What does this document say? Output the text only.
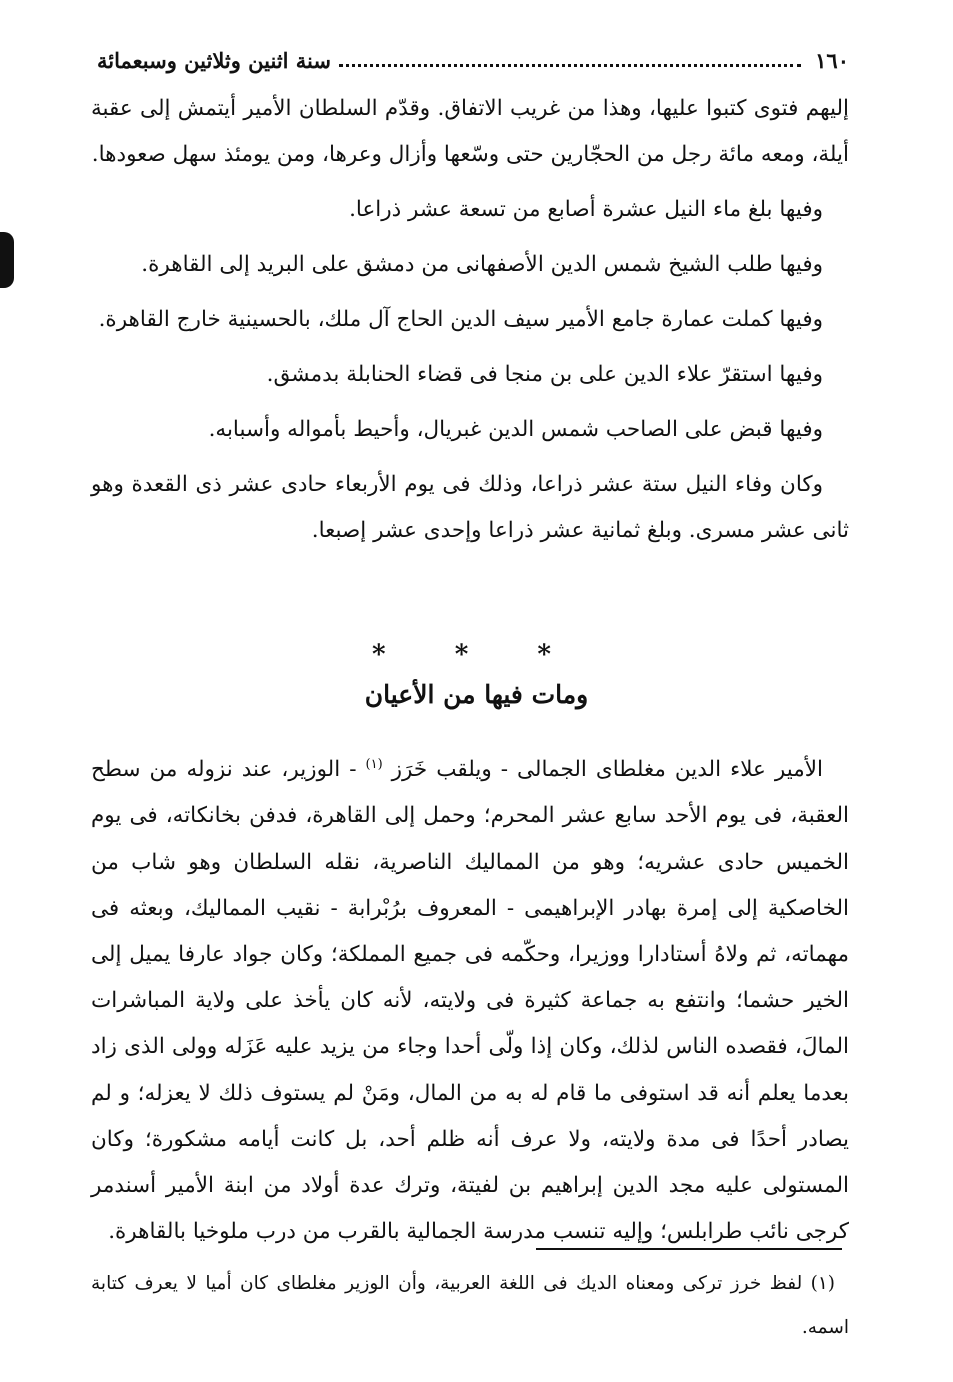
١٦٠
سنة اثنين وثلاثين وسبعمائة

إليهم فتوى كتبوا عليها، وهذا من غريب الاتفاق. وقدّم السلطان الأمير أيتمش إلى عقبة أيلة، ومعه مائة رجل من الحجّارين حتى وسّعها وأزال وعرها، ومن يومئذ سهل صعودها.

وفيها بلغ ماء النيل عشرة أصابع من تسعة عشر ذراعا.

وفيها طلب الشيخ شمس الدين الأصفهانى من دمشق على البريد إلى القاهرة.

وفيها كملت عمارة جامع الأمير سيف الدين الحاج آل ملك، بالحسينية خارج القاهرة.

وفيها استقرّ علاء الدين على بن منجا فى قضاء الحنابلة بدمشق.

وفيها قبض على الصاحب شمس الدين غبريال، وأحيط بأمواله وأسبابه.

وكان وفاء النيل ستة عشر ذراعا، وذلك فى يوم الأربعاء حادى عشر ذى القعدة وهو ثانى عشر مسرى. وبلغ ثمانية عشر ذراعا وإحدى عشر إصبعا.

* * *
ومات فيها من الأعيان

الأمير علاء الدين مغلطاى الجمالى - ويلقب خَرَز $^{(١)}$ - الوزير، عند نزوله من سطح العقبة، فى يوم الأحد سابع عشر المحرم؛ وحمل إلى القاهرة، فدفن بخانكاته، فى يوم الخميس حادى عشريه؛ وهو من المماليك الناصرية، نقله السلطان وهو شاب من الخاصكية إلى إمرة بهادر الإبراهيمى - المعروف برُبْرابة - نقيب المماليك، وبعثه فى مهماته، ثم ولاهُ أستادارا ووزيرا، وحكّمه فى جميع المملكة؛ وكان جواد عارفا يميل إلى الخير حشما؛ وانتفع به جماعة كثيرة فى ولايته، لأنه كان يأخذ على ولاية المباشرات المالَ، فقصده الناس لذلك، وكان إذا ولّى أحدا وجاء من يزيد عليه عَزَله وولى الذى زاد بعدما يعلم أنه قد استوفى ما قام له به من المال، ومَنْ لم يستوف ذلك لا يعزله؛ و لم يصادر أحدًا فى مدة ولايته، ولا عرف أنه ظلم أحد، بل كانت أيامه مشكورة؛ وكان المستولى عليه مجد الدين إبراهيم بن لفيتة، وترك عدة أولاد من ابنة الأمير أسندمر كرجى نائب طرابلس؛ وإليه تنسب مدرسة الجمالية بالقرب من درب ملوخيا بالقاهرة.

(١) لفظ خرز تركى ومعناه الديك فى اللغة العربية، وأن الوزير مغلطاى كان أميا لا يعرف كتابة اسمه.
